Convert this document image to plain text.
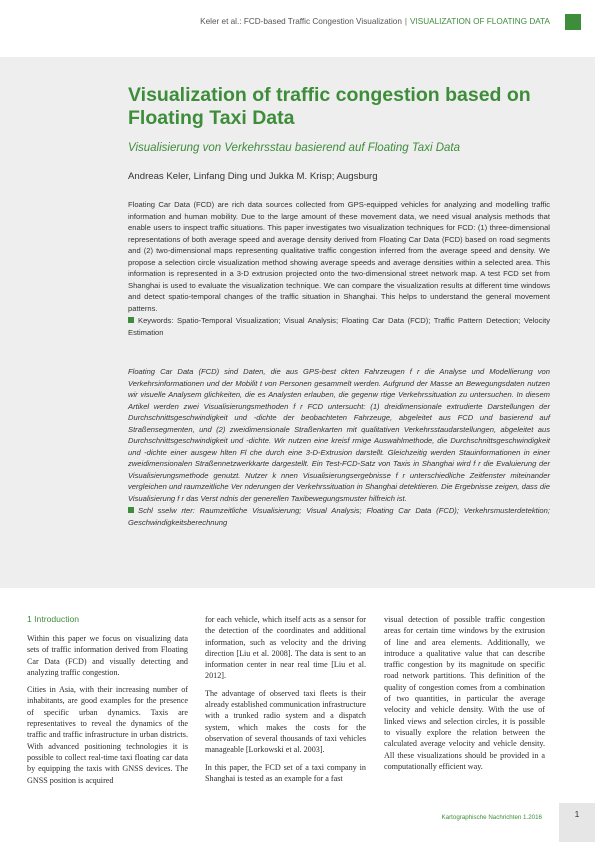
Keler et al.: FCD-based Traffic Congestion Visualization | VISUALIZATION OF FLOATING DATA
Visualization of traffic congestion based on Floating Taxi Data

Visualisierung von Verkehrsstau basierend auf Floating Taxi Data

Andreas Keler, Linfang Ding und Jukka M. Krisp; Augsburg

Floating Car Data (FCD) are rich data sources collected from GPS-equipped vehicles for analyzing and modelling traffic information and human mobility. Due to the large amount of these movement data, we need visual analysis methods that enable users to inspect traffic situations. This paper investigates two visualization techniques for FCD: (1) three-dimensional representations of both average speed and average density derived from Floating Car Data (FCD) based on road segments and (2) two-dimensional maps representing qualitative traffic congestion inferred from the average speed and density. We propose a selection circle visualization method showing average speeds and average densities within a selected area. This information is represented in a 3-D extrusion projected onto the two-dimensional street network map. A test FCD set from Shanghai is used to evaluate the visualization technique. We can compare the visualization results at different time windows and detect spatio-temporal changes of the traffic situation in Shanghai. This helps to understand the general movement patterns.
Keywords: Spatio-Temporal Visualization; Visual Analysis; Floating Car Data (FCD); Traffic Pattern Detection; Velocity Estimation
Floating Car Data (FCD) sind Daten, die aus GPS-best ckten Fahrzeugen f r die Analyse und Modellierung von Verkehrsinformationen und der Mobilit t von Personen gesammelt werden. Aufgrund der Masse an Bewegungsdaten nutzen wir visuelle Analysem glichkeiten, die es Analysten erlauben, die gegenw rtige Verkehrssituation zu untersuchen. In diesem Artikel werden zwei Visualisierungsmethoden f r FCD untersucht: (1) dreidimensionale extrudierte Darstellungen der Durchschnittsgeschwindigkeit und -dichte der beobachteten Fahrzeuge, abgeleitet aus FCD und basierend auf Straßensegmenten, und (2) zweidimensionale Straßenkarten mit qualitativen Verkehrsstaudarstellungen, abgeleitet aus Durchschnittsgeschwindigkeit und -dichte. Wir nutzen eine kreisf rmige Auswahlmethode, die Durchschnittsgeschwindigkeit und -dichte einer ausgew hlten Fl che durch eine 3-D-Extrusion darstellt. Gleichzeitig werden Stauinformationen in einer zweidimensionalen Straßennetzwerkkarte dargestellt. Ein Test-FCD-Satz von Taxis in Shanghai wird f r die Evaluierung der Visualisierungsmethode genutzt. Nutzer k nnen Visualisierungsergebnisse f r unterschiedliche Zeitfenster miteinander vergleichen und raumzeitliche Ver nderungen der Verkehrssituation in Shanghai detektieren. Die Ergebnisse zeigen, dass die Visualisierung f r das Verst ndnis der generellen Taxibewegungsmuster hilfreich ist.
Schl sselw rter: Raumzeitliche Visualisierung; Visual Analysis; Floating Car Data (FCD); Verkehrsmusterdetektion; Geschwindigkeitsberechnung
1 Introduction

Within this paper we focus on visualizing data sets of traffic information derived from Floating Car Data (FCD) and visually detecting and analyzing traffic congestion.

Cities in Asia, with their increasing number of inhabitants, are good examples for the presence of specific urban dynamics. Taxis are representatives to reveal the dynamics of the traffic and traffic infrastructure in urban districts. With advanced positioning technologies it is possible to collect real-time taxi floating car data by equipping the taxis with GNSS devices. The GNSS position is acquired

for each vehicle, which itself acts as a sensor for the detection of the coordinates and additional information, such as velocity and the driving direction [Liu et al. 2008]. The data is sent to an information center in near real time [Liu et al. 2012].

The advantage of observed taxi fleets is their already established communication infrastructure with a trunked radio system and a dispatch system, which makes the costs for the observation of several thousands of taxi vehicles manageable [Lorkowski et al. 2003].

In this paper, the FCD set of a taxi company in Shanghai is tested as an example for a fast

visual detection of possible traffic congestion areas for certain time windows by the extrusion of line and area elements. Additionally, we introduce a qualitative value that can describe traffic congestion by its magnitude on specific road network partitions. This definition of the quality of congestion comes from a combination of two quantities, in particular the average velocity and vehicle density. With the use of linked views and selection circles, it is possible to visually explore the relation between the calculated average velocity and vehicle density. All these visualizations should be provided in a computationally efficient way.

Kartographische Nachrichten 1.2016	1
